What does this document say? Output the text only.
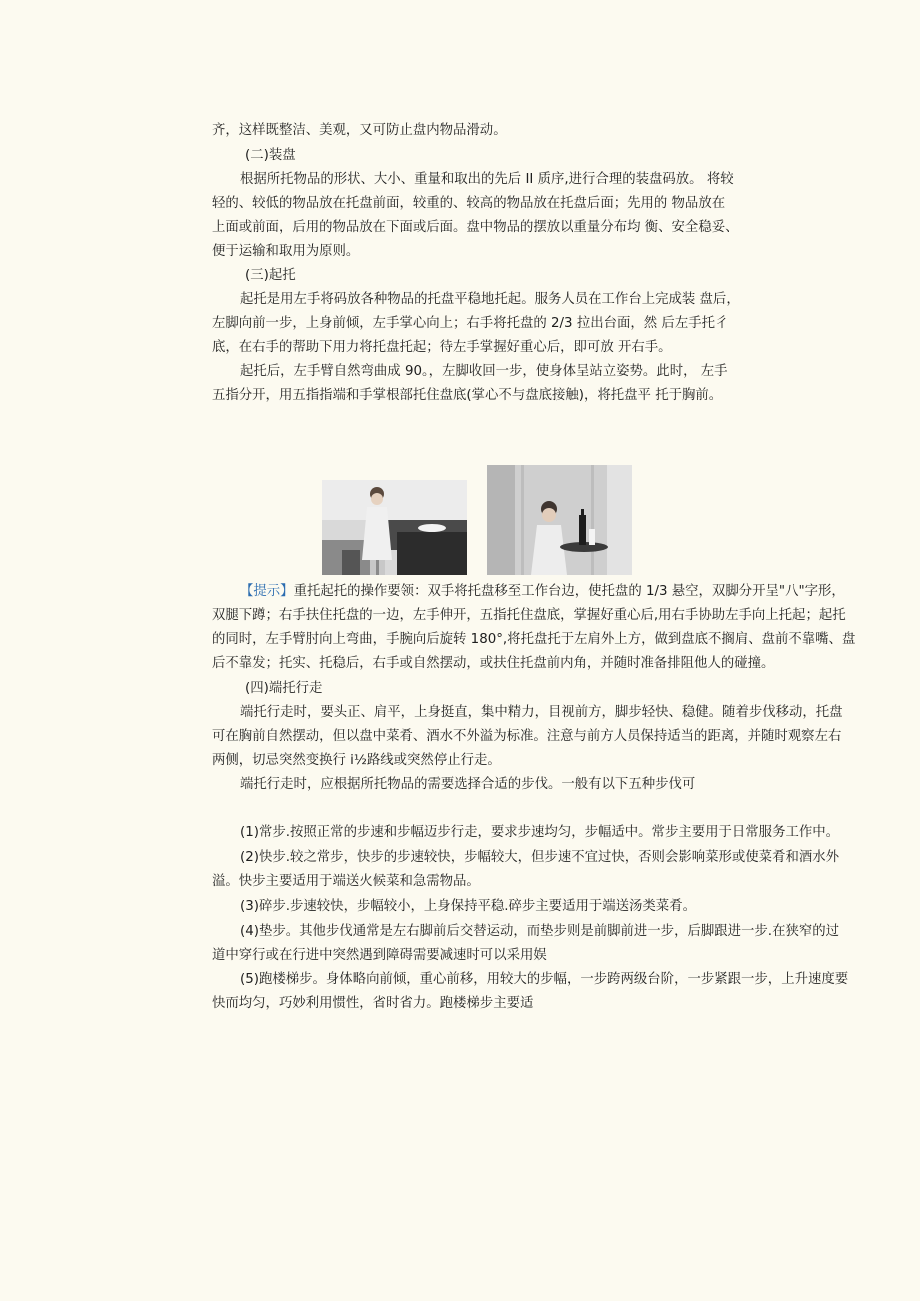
齐，这样既整洁、美观，又可防止盘内物品滑动。

(二)装盘

根据所托物品的形状、大小、重量和取出的先后 II 质序,进行合理的装盘码放。 将较
轻的、较低的物品放在托盘前面，较重的、较高的物品放在托盘后面；先用的 物品放在
上面或前面，后用的物品放在下面或后面。盘中物品的摆放以重量分布均 衡、安全稳妥、
便于运输和取用为原则。

(三)起托

起托是用左手将码放各种物品的托盘平稳地托起。服务人员在工作台上完成装 盘后，
左脚向前一步，上身前倾，左手掌心向上；右手将托盘的 2/3 拉出台面，然 后左手托彳
底，在右手的帮助下用力将托盘托起；待左手掌握好重心后，即可放 开右手。

起托后，左手臂自然弯曲成 90。，左脚收回一步，使身体呈站立姿势。此时， 左手
五指分开，用五指指端和手掌根部托住盘底(掌心不与盘底接触)，将托盘平 托于胸前。

【提示】重托起托的操作要领：双手将托盘移至工作台边，使托盘的 1/3 悬空，双脚分开呈"八"字形，
双腿下蹲；右手扶住托盘的一边，左手伸开，五指托住盘底，掌握好重心后,用右手协助左手向上托起；起托
的同时，左手臂肘向上弯曲，手腕向后旋转 180°,将托盘托于左肩外上方，做到盘底不搁肩、盘前不靠嘴、盘
后不靠发；托实、托稳后，右手或自然摆动，或扶住托盘前内角，并随时准备排阻他人的碰撞。

(四)端托行走

端托行走时，要头正、肩平，上身挺直，集中精力，目视前方，脚步轻快、稳健。随着步伐移动，托盘
可在胸前自然摆动，但以盘中菜肴、酒水不外溢为标准。注意与前方人员保持适当的距离，并随时观察左右
两侧，切忌突然变换行 i½路线或突然停止行走。

端托行走时，应根据所托物品的需要选择合适的步伐。一般有以下五种步伐可

(1)常步.按照正常的步速和步幅迈步行走，要求步速均匀，步幅适中。常步主要用于日常服务工作中。

(2)快步.较之常步，快步的步速较快，步幅较大，但步速不宜过快，否则会影响菜形或使菜肴和酒水外
溢。快步主要适用于端送火候菜和急需物品。

(3)碎步.步速较快，步幅较小，上身保持平稳.碎步主要适用于端送汤类菜肴。

(4)垫步。其他步伐通常是左右脚前后交替运动，而垫步则是前脚前进一步，后脚跟进一步.在狭窄的过
道中穿行或在行进中突然遇到障碍需要减速时可以采用娱

(5)跑楼梯步。身体略向前倾，重心前移，用较大的步幅，一步跨两级台阶，一步紧跟一步，上升速度要
快而均匀，巧妙利用惯性，省时省力。跑楼梯步主要适
